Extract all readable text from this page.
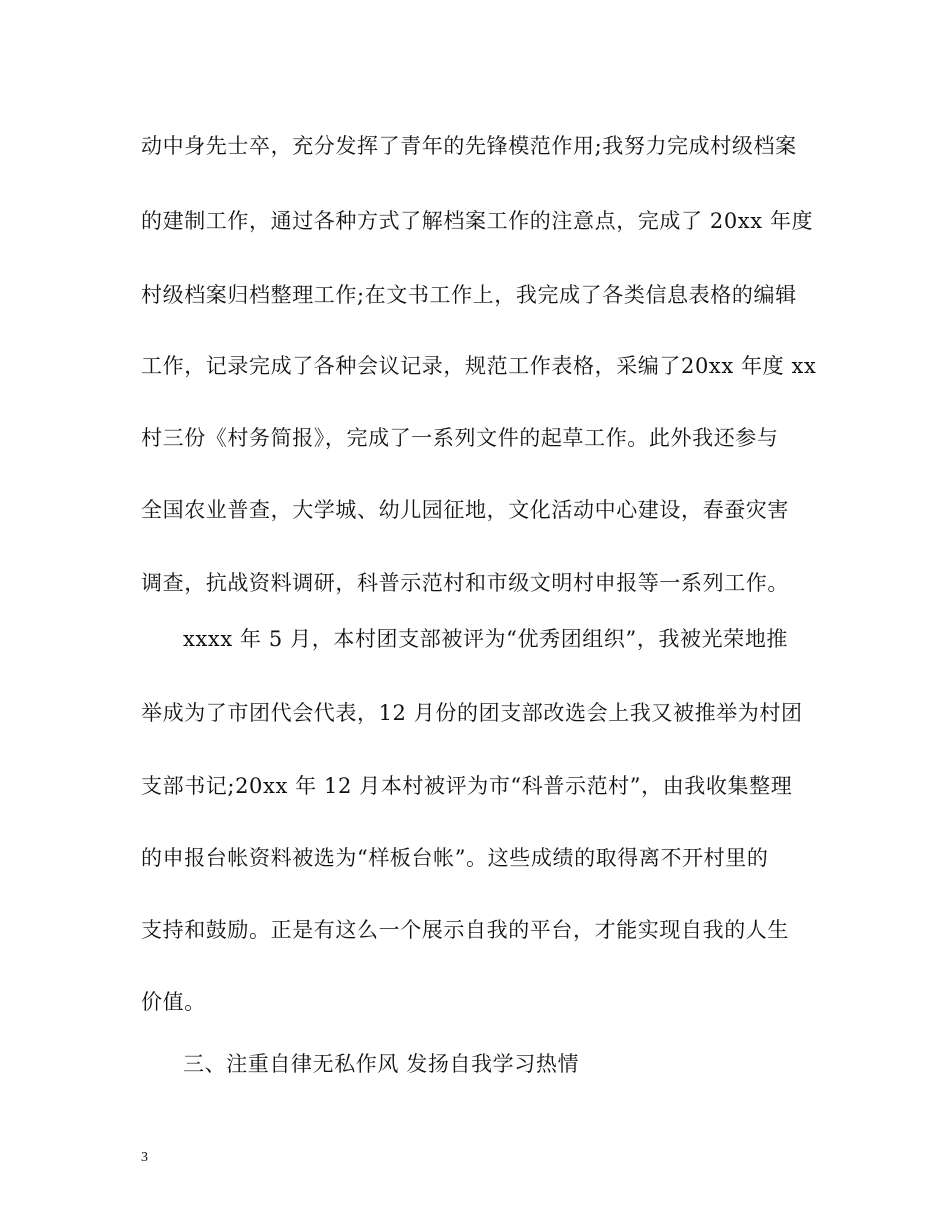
动中身先士卒，充分发挥了青年的先锋模范作用;我努力完成村级档案
的建制工作，通过各种方式了解档案工作的注意点，完成了 20xx 年度
村级档案归档整理工作;在文书工作上，我完成了各类信息表格的编辑
工作，记录完成了各种会议记录，规范工作表格，采编了20xx 年度 xx
村三份《村务简报》，完成了一系列文件的起草工作。此外我还参与
全国农业普查，大学城、幼儿园征地，文化活动中心建设，春蚕灾害
调查，抗战资料调研，科普示范村和市级文明村申报等一系列工作。
xxxx 年 5 月，本村团支部被评为“优秀团组织”，我被光荣地推
举成为了市团代会代表，12 月份的团支部改选会上我又被推举为村团
支部书记;20xx 年 12 月本村被评为市“科普示范村”，由我收集整理
的申报台帐资料被选为“样板台帐”。这些成绩的取得离不开村里的
支持和鼓励。正是有这么一个展示自我的平台，才能实现自我的人生
价值。
三、注重自律无私作风 发扬自我学习热情
3
